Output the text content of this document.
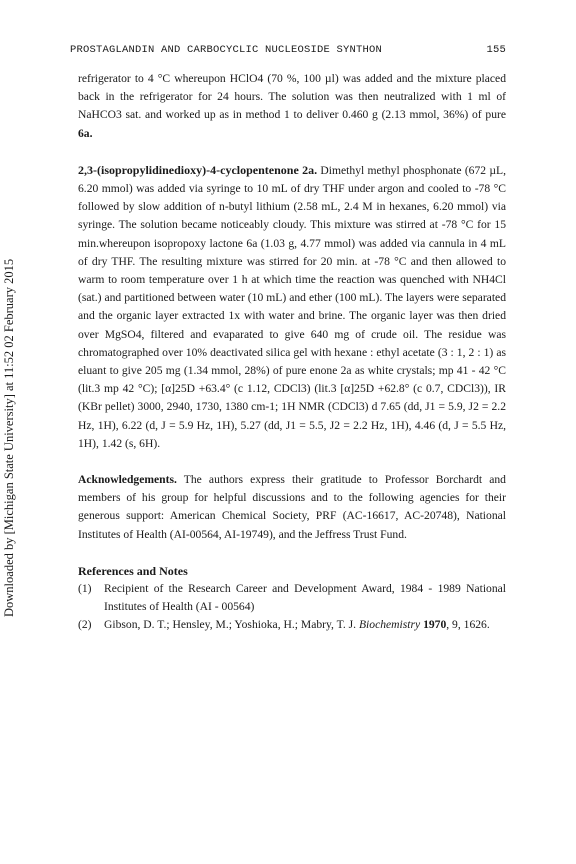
PROSTAGLANDIN AND CARBOCYCLIC NUCLEOSIDE SYNTHON	155
Downloaded by [Michigan State University] at 11:52 02 February 2015

refrigerator to 4 °C whereupon HClO4 (70 %, 100 µl) was added and the mixture placed back in the refrigerator for 24 hours. The solution was then neutralized with 1 ml of NaHCO3 sat. and worked up as in method 1 to deliver 0.460 g (2.13 mmol, 36%) of pure 6a.

2,3-(isopropylidinedioxy)-4-cyclopentenone 2a. Dimethyl methyl phosphonate (672 µL, 6.20 mmol) was added via syringe to 10 mL of dry THF under argon and cooled to -78 °C followed by slow addition of n-butyl lithium (2.58 mL, 2.4 M in hexanes, 6.20 mmol) via syringe. The solution became noticeably cloudy. This mixture was stirred at -78 °C for 15 min.whereupon isopropoxy lactone 6a (1.03 g, 4.77 mmol) was added via cannula in 4 mL of dry THF. The resulting mixture was stirred for 20 min. at -78 °C and then allowed to warm to room temperature over 1 h at which time the reaction was quenched with NH4Cl (sat.) and partitioned between water (10 mL) and ether (100 mL). The layers were separated and the organic layer extracted 1x with water and brine. The organic layer was then dried over MgSO4, filtered and evaparated to give 640 mg of crude oil. The residue was chromatographed over 10% deactivated silica gel with hexane : ethyl acetate (3 : 1, 2 : 1) as eluant to give 205 mg (1.34 mmol, 28%) of pure enone 2a as white crystals; mp 41 - 42 °C (lit.3 mp 42 °C); [α]25D +63.4° (c 1.12, CDCl3) (lit.3 [α]25D +62.8° (c 0.7, CDCl3)), IR (KBr pellet) 3000, 2940, 1730, 1380 cm-1; 1H NMR (CDCl3) d 7.65 (dd, J1 = 5.9, J2 = 2.2 Hz, 1H), 6.22 (d, J = 5.9 Hz, 1H), 5.27 (dd, J1 = 5.5, J2 = 2.2 Hz, 1H), 4.46 (d, J = 5.5 Hz, 1H), 1.42 (s, 6H).

Acknowledgements. The authors express their gratitude to Professor Borchardt and members of his group for helpful discussions and to the following agencies for their generous support: American Chemical Society, PRF (AC-16617, AC-20748), National Institutes of Health (AI-00564, AI-19749), and the Jeffress Trust Fund.

References and Notes

(1)	Recipient of the Research Career and Development Award, 1984 - 1989 National Institutes of Health (AI - 00564)
(2)	Gibson, D. T.; Hensley, M.; Yoshioka, H.; Mabry, T. J. Biochemistry 1970, 9, 1626.
